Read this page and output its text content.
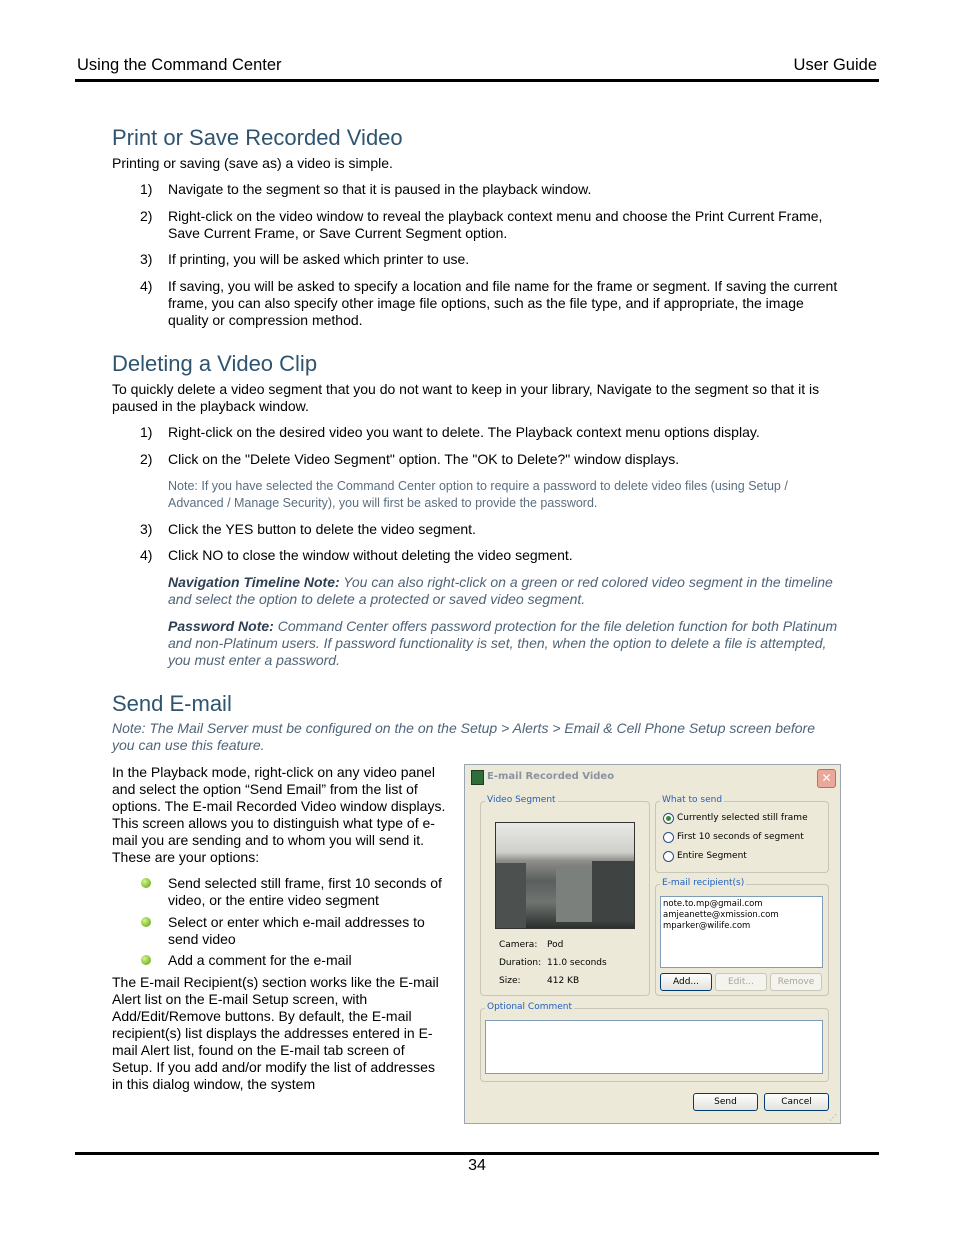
Using the Command Center	User Guide
Print or Save Recorded Video

Printing or saving (save as) a video is simple.

1) Navigate to the segment so that it is paused in the playback window.

2) Right-click on the video window to reveal the playback context menu and choose the Print Current Frame, Save Current Frame, or Save Current Segment option.

3) If printing, you will be asked which printer to use.

4) If saving, you will be asked to specify a location and file name for the frame or segment. If saving the current frame, you can also specify other image file options, such as the file type, and if appropriate, the image quality or compression method.

Deleting a Video Clip

To quickly delete a video segment that you do not want to keep in your library, Navigate to the segment so that it is paused in the playback window.

1) Right-click on the desired video you want to delete. The Playback context menu options display.

2) Click on the "Delete Video Segment" option. The "OK to Delete?" window displays.

Note: If you have selected the Command Center option to require a password to delete video files (using Setup / Advanced / Manage Security), you will first be asked to provide the password.

3) Click the YES button to delete the video segment.

4) Click NO to close the window without deleting the video segment.

Navigation Timeline Note: You can also right-click on a green or red colored video segment in the timeline and select the option to delete a protected or saved video segment.

Password Note: Command Center offers password protection for the file deletion function for both Platinum and non-Platinum users. If password functionality is set, then, when the option to delete a file is attempted, you must enter a password.

Send E-mail

Note: The Mail Server must be configured on the on the Setup > Alerts > Email & Cell Phone Setup screen before you can use this feature.

In the Playback mode, right-click on any video panel and select the option “Send Email” from the list of options. The E-mail Recorded Video window displays. This screen allows you to distinguish what type of e-mail you are sending and to whom you will send it. These are your options:

Send selected still frame, first 10 seconds of video, or the entire video segment

Select or enter which e-mail addresses to send video

Add a comment for the e-mail

The E-mail Recipient(s) section works like the E-mail Alert list on the E-mail Setup screen, with Add/Edit/Remove buttons. By default, the E-mail recipient(s) list displays the addresses entered in E-mail Alert list, found on the E-mail tab screen of Setup. If you add and/or modify the list of addresses in this dialog window, the system

E-mail Recorded Video	✕
Video Segment
Camera: Pod
Duration: 11.0 seconds
Size:	412 KB
What to send
Currently selected still frame
First 10 seconds of segment
Entire Segment
E-mail recipient(s)
note.to.mp@gmail.com
amjeanette@xmission.com
mparker@wilife.com
Add...	Edit...	Remove
Optional Comment
Send	Cancel
⋰
34
